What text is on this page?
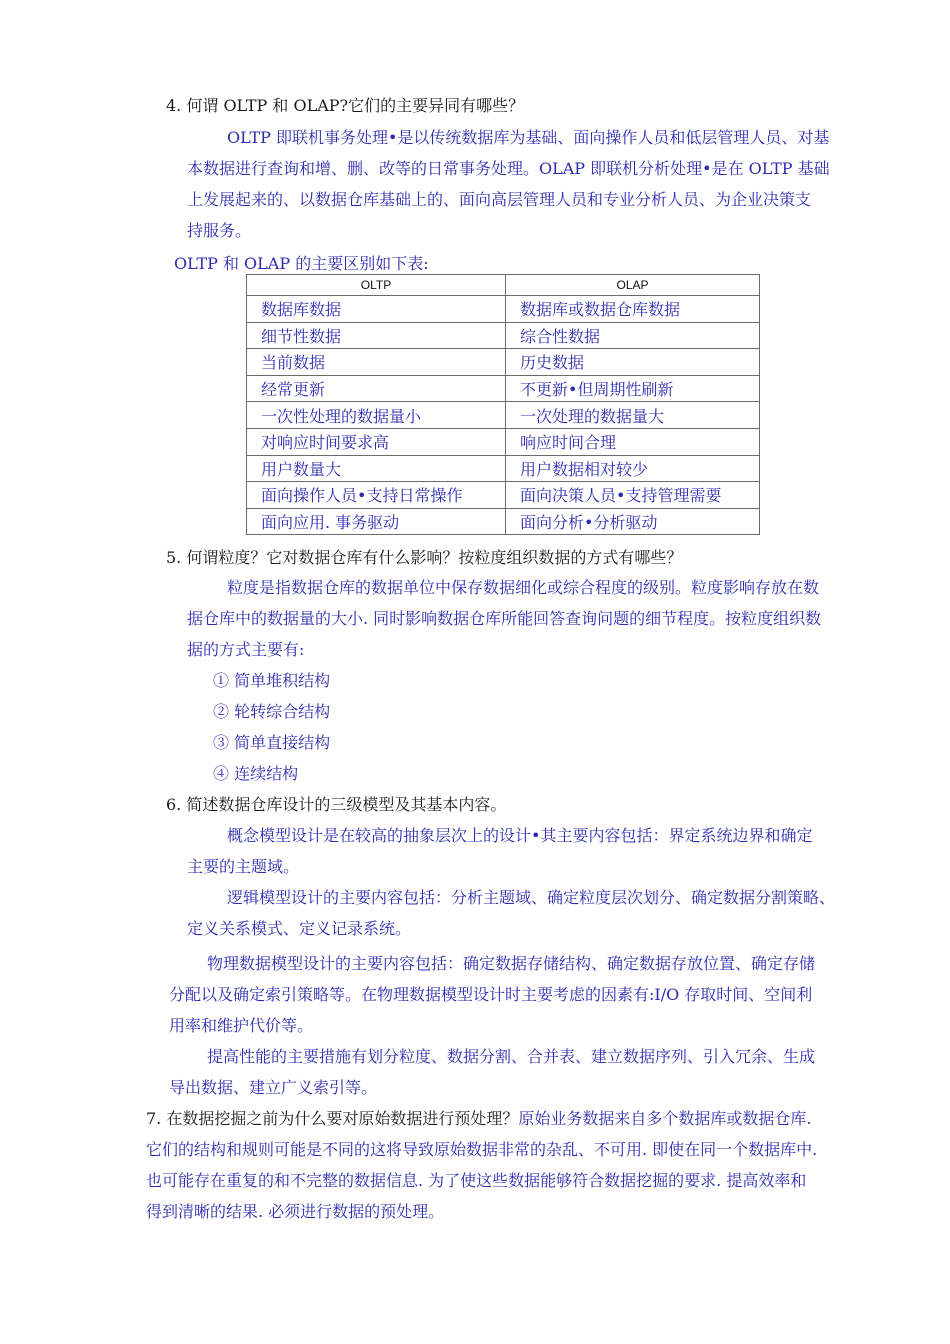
4. 何谓 OLTP 和 OLAP?它们的主要异同有哪些？
OLTP 即联机事务处理•是以传统数据库为基础、面向操作人员和低层管理人员、对基
本数据进行查询和增、删、改等的日常事务处理。OLAP 即联机分析处理•是在 OLTP 基础
上发展起来的、以数据仓库基础上的、面向高层管理人员和专业分析人员、为企业决策支
持服务。
OLTP 和 OLAP 的主要区别如下表:
OLTP	OLAP
数据库数据	数据库或数据仓库数据
细节性数据	综合性数据
当前数据	历史数据
经常更新	不更新•但周期性刷新
一次性处理的数据量小	一次处理的数据量大
对响应时间要求高	响应时间合理
用户数量大	用户数据相对较少
面向操作人员•支持日常操作	面向决策人员•支持管理需要
面向应用. 事务驱动	面向分析•分析驱动
5. 何谓粒度？它对数据仓库有什么影响？按粒度组织数据的方式有哪些？
粒度是指数据仓库的数据单位中保存数据细化或综合程度的级别。粒度影响存放在数
据仓库中的数据量的大小. 同时影响数据仓库所能回答查询问题的细节程度。按粒度组织数
据的方式主要有:
① 简单堆积结构
② 轮转综合结构
③ 简单直接结构
④ 连续结构
6. 简述数据仓库设计的三级模型及其基本内容。
概念模型设计是在较高的抽象层次上的设计•其主要内容包括：界定系统边界和确定
主要的主题域。
逻辑模型设计的主要内容包括：分析主题域、确定粒度层次划分、确定数据分割策略、
定义关系模式、定义记录系统。
物理数据模型设计的主要内容包括：确定数据存储结构、确定数据存放位置、确定存储
分配以及确定索引策略等。在物理数据模型设计时主要考虑的因素有:I/O 存取时间、空间利
用率和维护代价等。
提高性能的主要措施有划分粒度、数据分割、合并表、建立数据序列、引入冗余、生成
导出数据、建立广义索引等。
7. 在数据挖掘之前为什么要对原始数据进行预处理？原始业务数据来自多个数据库或数据仓库.
它们的结构和规则可能是不同的这将导致原始数据非常的杂乱、不可用. 即使在同一个数据库中.
也可能存在重复的和不完整的数据信息. 为了使这些数据能够符合数据挖掘的要求. 提高效率和
得到清晰的结果. 必须进行数据的预处理。
